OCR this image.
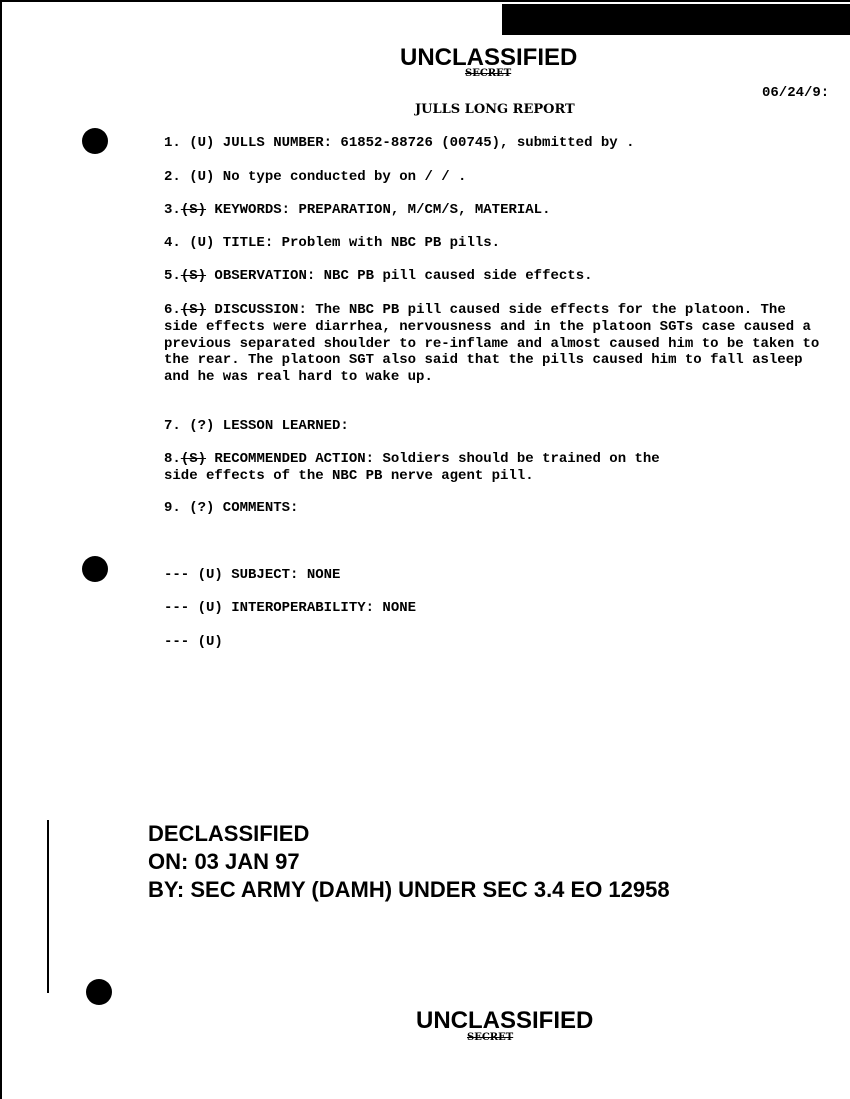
UNCLASSIFIED
SECRET
JULLS LONG REPORT
06/24/9:
1. (U) JULLS NUMBER: 61852-88726 (00745), submitted by .
2. (U) No type conducted by on / / .
3.(S) KEYWORDS: PREPARATION, M/CM/S, MATERIAL.
4. (U) TITLE: Problem with NBC PB pills.
5.(S) OBSERVATION: NBC PB pill caused side effects.
6.(S) DISCUSSION: The NBC PB pill caused side effects for the platoon. The side effects were diarrhea, nervousness and in the platoon SGTs case caused a previous separated shoulder to re-inflame and almost caused him to be taken to the rear. The platoon SGT also said that the pills caused him to fall asleep and he was real hard to wake up.
7. (?) LESSON LEARNED:
8.(S) RECOMMENDED ACTION: Soldiers should be trained on the
side effects of the NBC PB nerve agent pill.
9. (?) COMMENTS:
--- (U) SUBJECT: NONE
--- (U) INTEROPERABILITY: NONE
--- (U)
DECLASSIFIED
ON: 03 JAN 97
BY: SEC ARMY (DAMH) UNDER SEC 3.4 EO 12958
UNCLASSIFIED
SECRET
